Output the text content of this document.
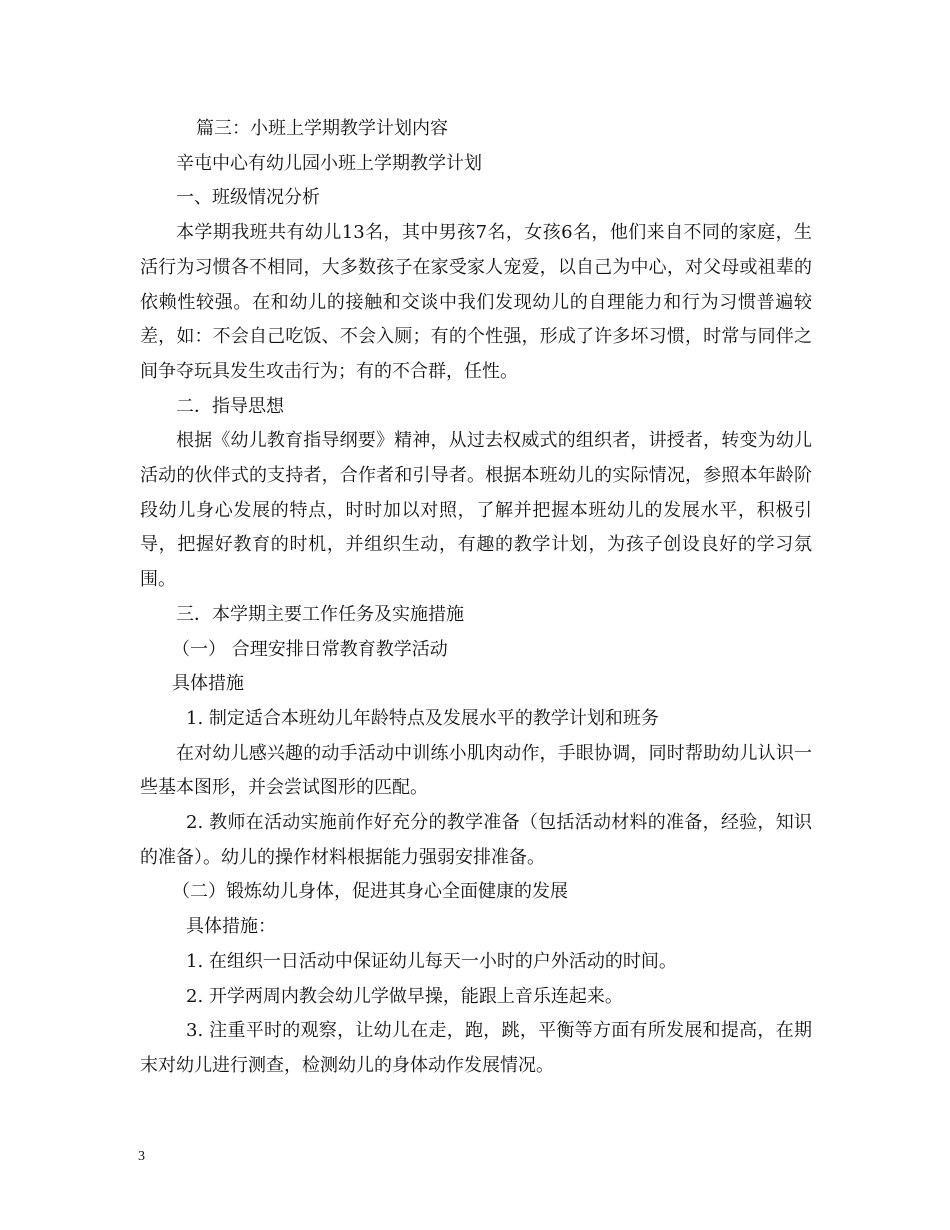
篇三：小班上学期教学计划内容

辛屯中心有幼儿园小班上学期教学计划

一、班级情况分析

本学期我班共有幼儿13名，其中男孩7名，女孩6名，他们来自不同的家庭，生活行为习惯各不相同，大多数孩子在家受家人宠爱，以自己为中心，对父母或祖辈的依赖性较强。在和幼儿的接触和交谈中我们发现幼儿的自理能力和行为习惯普遍较差，如：不会自己吃饭、不会入厕；有的个性强，形成了许多坏习惯，时常与同伴之间争夺玩具发生攻击行为；有的不合群，任性。

二．指导思想

根据《幼儿教育指导纲要》精神，从过去权威式的组织者，讲授者，转变为幼儿活动的伙伴式的支持者，合作者和引导者。根据本班幼儿的实际情况，参照本年龄阶段幼儿身心发展的特点，时时加以对照，了解并把握本班幼儿的发展水平，积极引导，把握好教育的时机，并组织生动，有趣的教学计划，为孩子创设良好的学习氛围。

三．本学期主要工作任务及实施措施

（一） 合理安排日常教育教学活动

具体措施

1. 制定适合本班幼儿年龄特点及发展水平的教学计划和班务

在对幼儿感兴趣的动手活动中训练小肌肉动作，手眼协调，同时帮助幼儿认识一些基本图形，并会尝试图形的匹配。

2. 教师在活动实施前作好充分的教学准备（包括活动材料的准备，经验，知识的准备）。幼儿的操作材料根据能力强弱安排准备。

（二）锻炼幼儿身体，促进其身心全面健康的发展

具体措施：

1. 在组织一日活动中保证幼儿每天一小时的户外活动的时间。

2. 开学两周内教会幼儿学做早操，能跟上音乐连起来。

3. 注重平时的观察，让幼儿在走，跑，跳，平衡等方面有所发展和提高，在期末对幼儿进行测查，检测幼儿的身体动作发展情况。

3
